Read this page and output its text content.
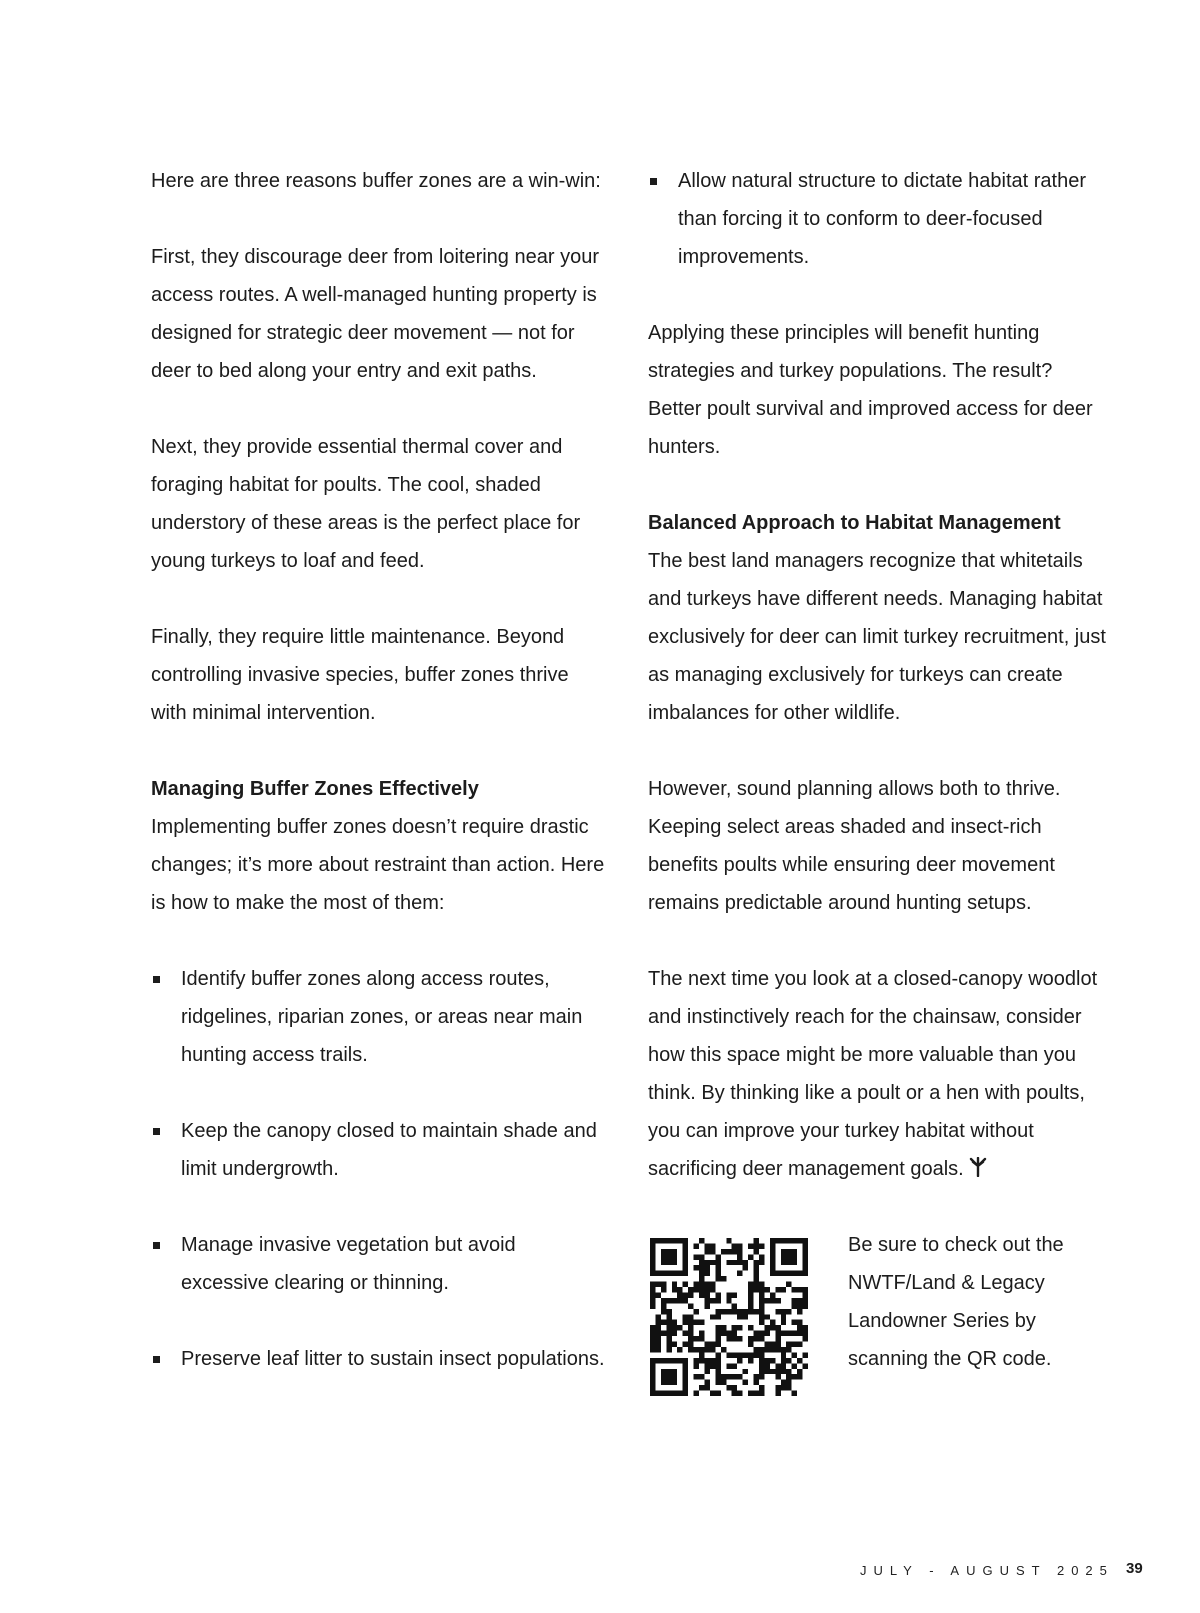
Here are three reasons buffer zones are a win-win:

First, they discourage deer from loitering near your access routes. A well-managed hunting property is designed for strategic deer movement — not for deer to bed along your entry and exit paths.

Next, they provide essential thermal cover and foraging habitat for poults. The cool, shaded understory of these areas is the perfect place for young turkeys to loaf and feed.

Finally, they require little maintenance. Beyond controlling invasive species, buffer zones thrive with minimal intervention.

Managing Buffer Zones Effectively
Implementing buffer zones doesn’t require drastic changes; it’s more about restraint than action. Here is how to make the most of them:

Identify buffer zones along access routes, ridgelines, riparian zones, or areas near main hunting access trails.
Keep the canopy closed to maintain shade and limit undergrowth.
Manage invasive vegetation but avoid excessive clearing or thinning.
Preserve leaf litter to sustain insect populations.
Allow natural structure to dictate habitat rather than forcing it to conform to deer-focused improvements.

Applying these principles will benefit hunting strategies and turkey populations. The result? Better poult survival and improved access for deer hunters.

Balanced Approach to Habitat Management
The best land managers recognize that whitetails and turkeys have different needs. Managing habitat exclusively for deer can limit turkey recruitment, just as managing exclusively for turkeys can create imbalances for other wildlife.

However, sound planning allows both to thrive. Keeping select areas shaded and insect-rich benefits poults while ensuring deer movement remains predictable around hunting setups.

The next time you look at a closed-canopy woodlot and instinctively reach for the chainsaw, consider how this space might be more valuable than you think. By thinking like a poult or a hen with poults, you can improve your turkey habitat without sacrificing deer management goals.

Be sure to check out the NWTF/Land & Legacy Landowner Series by scanning the QR code.

JULY - AUGUST 2025 39
